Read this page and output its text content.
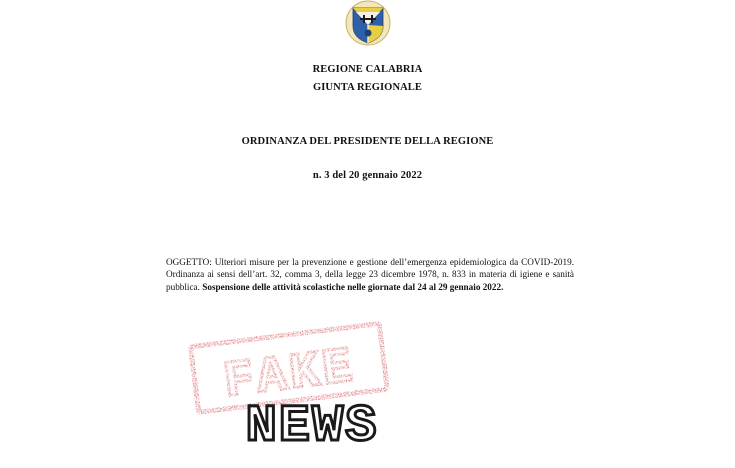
REGIONE CALABRIA
GIUNTA REGIONALE
ORDINANZA DEL PRESIDENTE DELLA REGIONE
n. 3 del 20 gennaio 2022
OGGETTO: Ulteriori misure per la prevenzione e gestione dell’emergenza epidemiologica da COVID-2019. Ordinanza ai sensi dell’art. 32, comma 3, della legge 23 dicembre 1978, n. 833 in materia di igiene e sanità pubblica. Sospensione delle attività scolastiche nelle giornate dal 24 al 29 gennaio 2022.
FAKE
NEWS
